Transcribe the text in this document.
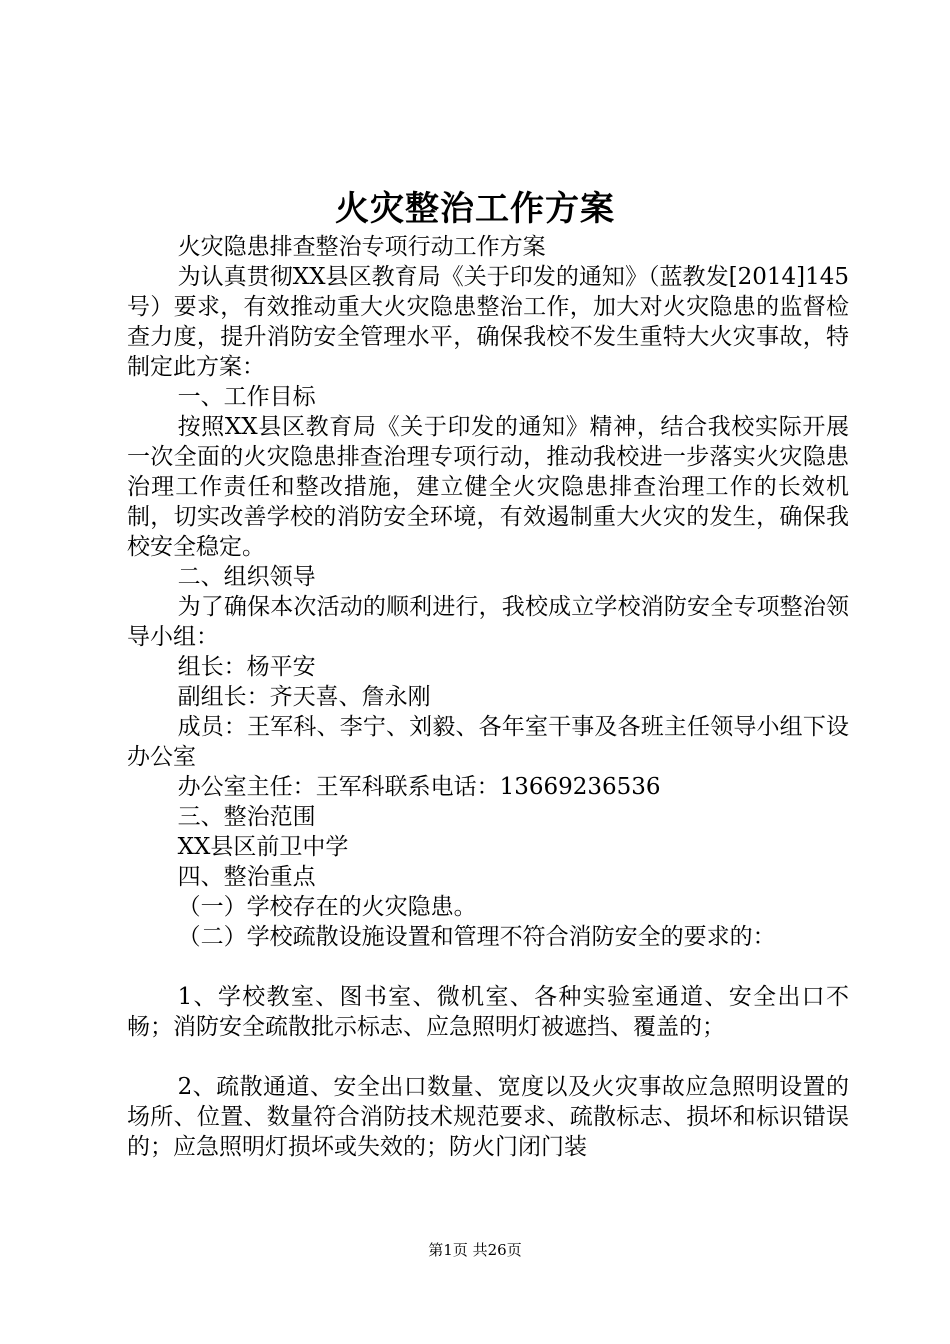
火灾整治工作方案

火灾隐患排查整治专项行动工作方案

为认真贯彻XX县区教育局《关于印发的通知》（蓝教发[2014]145号）要求，有效推动重大火灾隐患整治工作，加大对火灾隐患的监督检查力度，提升消防安全管理水平，确保我校不发生重特大火灾事故，特制定此方案：

一、工作目标

按照XX县区教育局《关于印发的通知》精神，结合我校实际开展一次全面的火灾隐患排查治理专项行动，推动我校进一步落实火灾隐患治理工作责任和整改措施，建立健全火灾隐患排查治理工作的长效机制，切实改善学校的消防安全环境，有效遏制重大火灾的发生，确保我校安全稳定。

二、组织领导

为了确保本次活动的顺利进行，我校成立学校消防安全专项整治领导小组：

组长：杨平安

副组长：齐天喜、詹永刚

成员：王军科、李宁、刘毅、各年室干事及各班主任领导小组下设办公室

办公室主任：王军科联系电话：13669236536

三、整治范围

XX县区前卫中学

四、整治重点

（一）学校存在的火灾隐患。

（二）学校疏散设施设置和管理不符合消防安全的要求的：

1、学校教室、图书室、微机室、各种实验室通道、安全出口不畅；消防安全疏散批示标志、应急照明灯被遮挡、覆盖的；

2、疏散通道、安全出口数量、宽度以及火灾事故应急照明设置的场所、位置、数量符合消防技术规范要求、疏散标志、损坏和标识错误的；应急照明灯损坏或失效的；防火门闭门装

第1页 共26页
